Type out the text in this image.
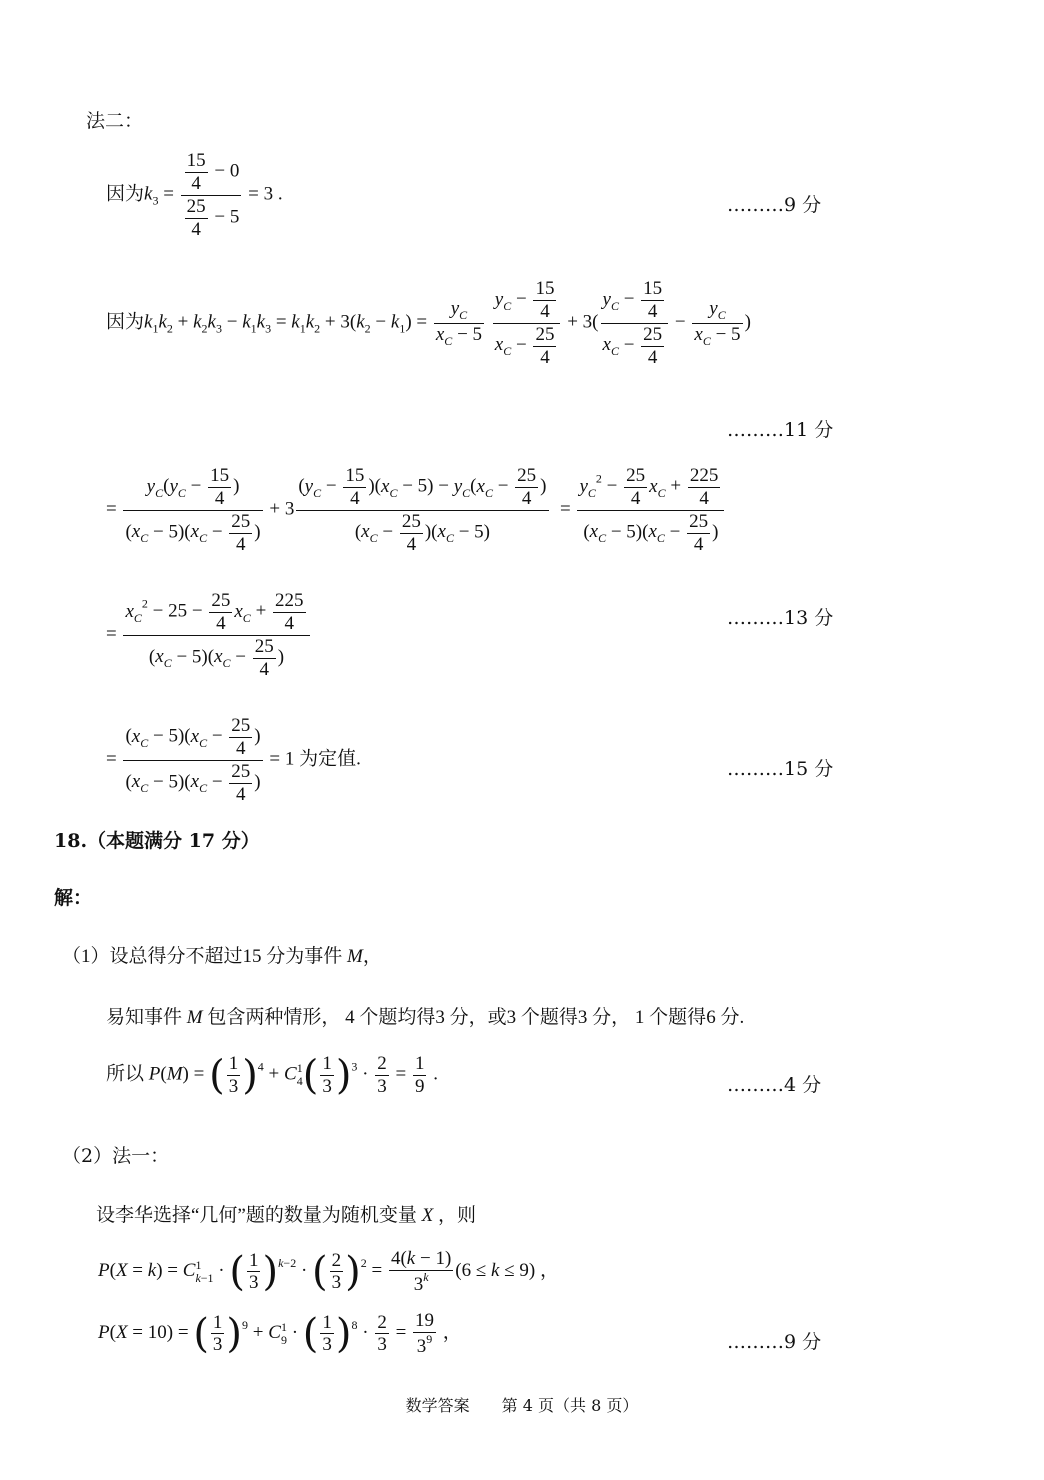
法二：
因为$k_3 = \frac{\frac{15}{4} - 0}{\frac{25}{4} - 5} = 3$ .	………9 分
因为$k_1k_2 + k_2k_3 - k_1k_3 = k_1k_2 + 3(k_2 - k_1) = \frac{y_C}{x_C - 5}$
$\frac{y_C - \frac{15}{4}}{x_C - \frac{25}{4}} + 3( \frac{y_C - \frac{15}{4}}{x_C - \frac{25}{4}} - \frac{y_C}{x_C - 5}$ )
………11 分
= $\frac{y_C(y_C - \frac{15}{4} )}{(x_C - 5)(x_C - \frac{25}{4} )} + 3 \frac{(y_C - \frac{15}{4} )(x_C - 5) - y_C(x_C - \frac{25}{4} )}{(x_C - \frac{25}{4} )(x_C - 5)} = \frac{y_C^2 - \frac{25}{4} x_C + \frac{225}{4}}{(x_C - 5)(x_C - \frac{25}{4} )}$
= $\frac{x_C^2 - 25 - \frac{25}{4} x_C + \frac{225}{4}}{(x_C - 5)(x_C - \frac{25}{4} )}$	………13 分
= $\frac{(x_C - 5)(x_C - \frac{25}{4} )}{(x_C - 5)(x_C - \frac{25}{4} )} = 1$ 为定值.	………15 分
18.（本题满分 17 分）
解：
（1）设总得分不超过15 分为事件 M，
易知事件 M 包含两种情形， 4 个题均得3 分，或3 个题得3 分， 1 个题得6 分.
所以 P(M) = ( $\frac{1}{3} )^4 + C$ 1
4 ( $\frac{1}{3} )^3 \cdot \frac{2}{3} = \frac{1}{9}$ .	………4 分
（2）法一：
设李华选择“几何”题的数量为随机变量 X ，则
P(X = k) = C 1
k−1 · ( $\frac{1}{3} )^{k-2}$ · ( $\frac{2}{3} )^2 = \frac{4(k - 1)}{3^k} (6 \le k \le 9)$ ，
P(X = 10) = ( $\frac{1}{3} )^9 + C$ 1
9 · ( $\frac{1}{3} )^8 \cdot \frac{2}{3} = \frac{19}{3^9}$ ，	………9 分
数学答案　　第 4 页（共 8 页）
